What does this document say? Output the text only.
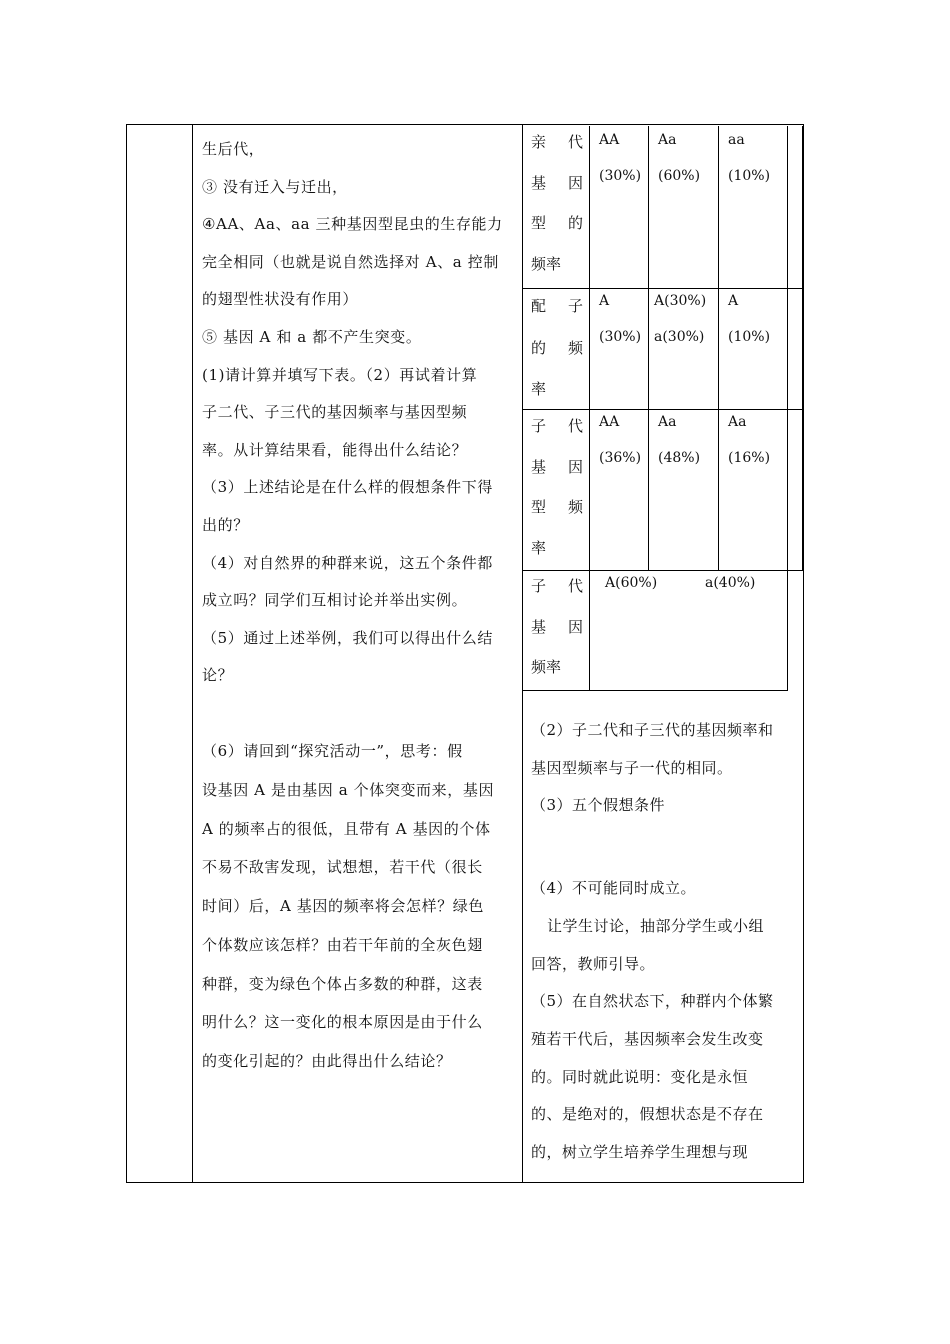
生后代，

③ 没有迁入与迁出，

④AA、Aa、aa 三种基因型昆虫的生存能力

完全相同（也就是说自然选择对 A、a 控制

的翅型性状没有作用）

⑤ 基因 A 和 a 都不产生突变。

(1)请计算并填写下表。（2）再试着计算

子二代、子三代的基因频率与基因型频

率。从计算结果看，能得出什么结论？

（3）上述结论是在什么样的假想条件下得

出的？

（4）对自然界的种群来说，这五个条件都

成立吗？同学们互相讨论并举出实例。

（5）通过上述举例，我们可以得出什么结

论？

（6）请回到“探究活动一”，思考：假

设基因 A 是由基因 a 个体突变而来，基因

A 的频率占的很低，且带有 A 基因的个体

不易不敌害发现，试想想，若干代（很长

时间）后，A 基因的频率将会怎样？绿色

个体数应该怎样？由若干年前的全灰色翅

种群，变为绿色个体占多数的种群，这表

明什么？这一变化的根本原因是由于什么

的变化引起的？由此得出什么结论？

亲　代
基　因
型　的
频率
AA
(30%)
Aa
(60%)
aa
(10%)
配　子
的 频
率
A
(30%)
A(30%)
a(30%)
A
(10%)
子　代
基　因
型　频
率
AA
(36%)
Aa
(48%)
Aa
(16%)
子　代
基　因
频率
A(60%)	a(40%)

（2）子二代和子三代的基因频率和

基因型频率与子一代的相同。

（3）五个假想条件

（4）不可能同时成立。

让学生讨论，抽部分学生或小组

回答，教师引导。

（5）在自然状态下，种群内个体繁

殖若干代后，基因频率会发生改变

的。同时就此说明：变化是永恒

的、是绝对的，假想状态是不存在

的，树立学生培养学生理想与现
